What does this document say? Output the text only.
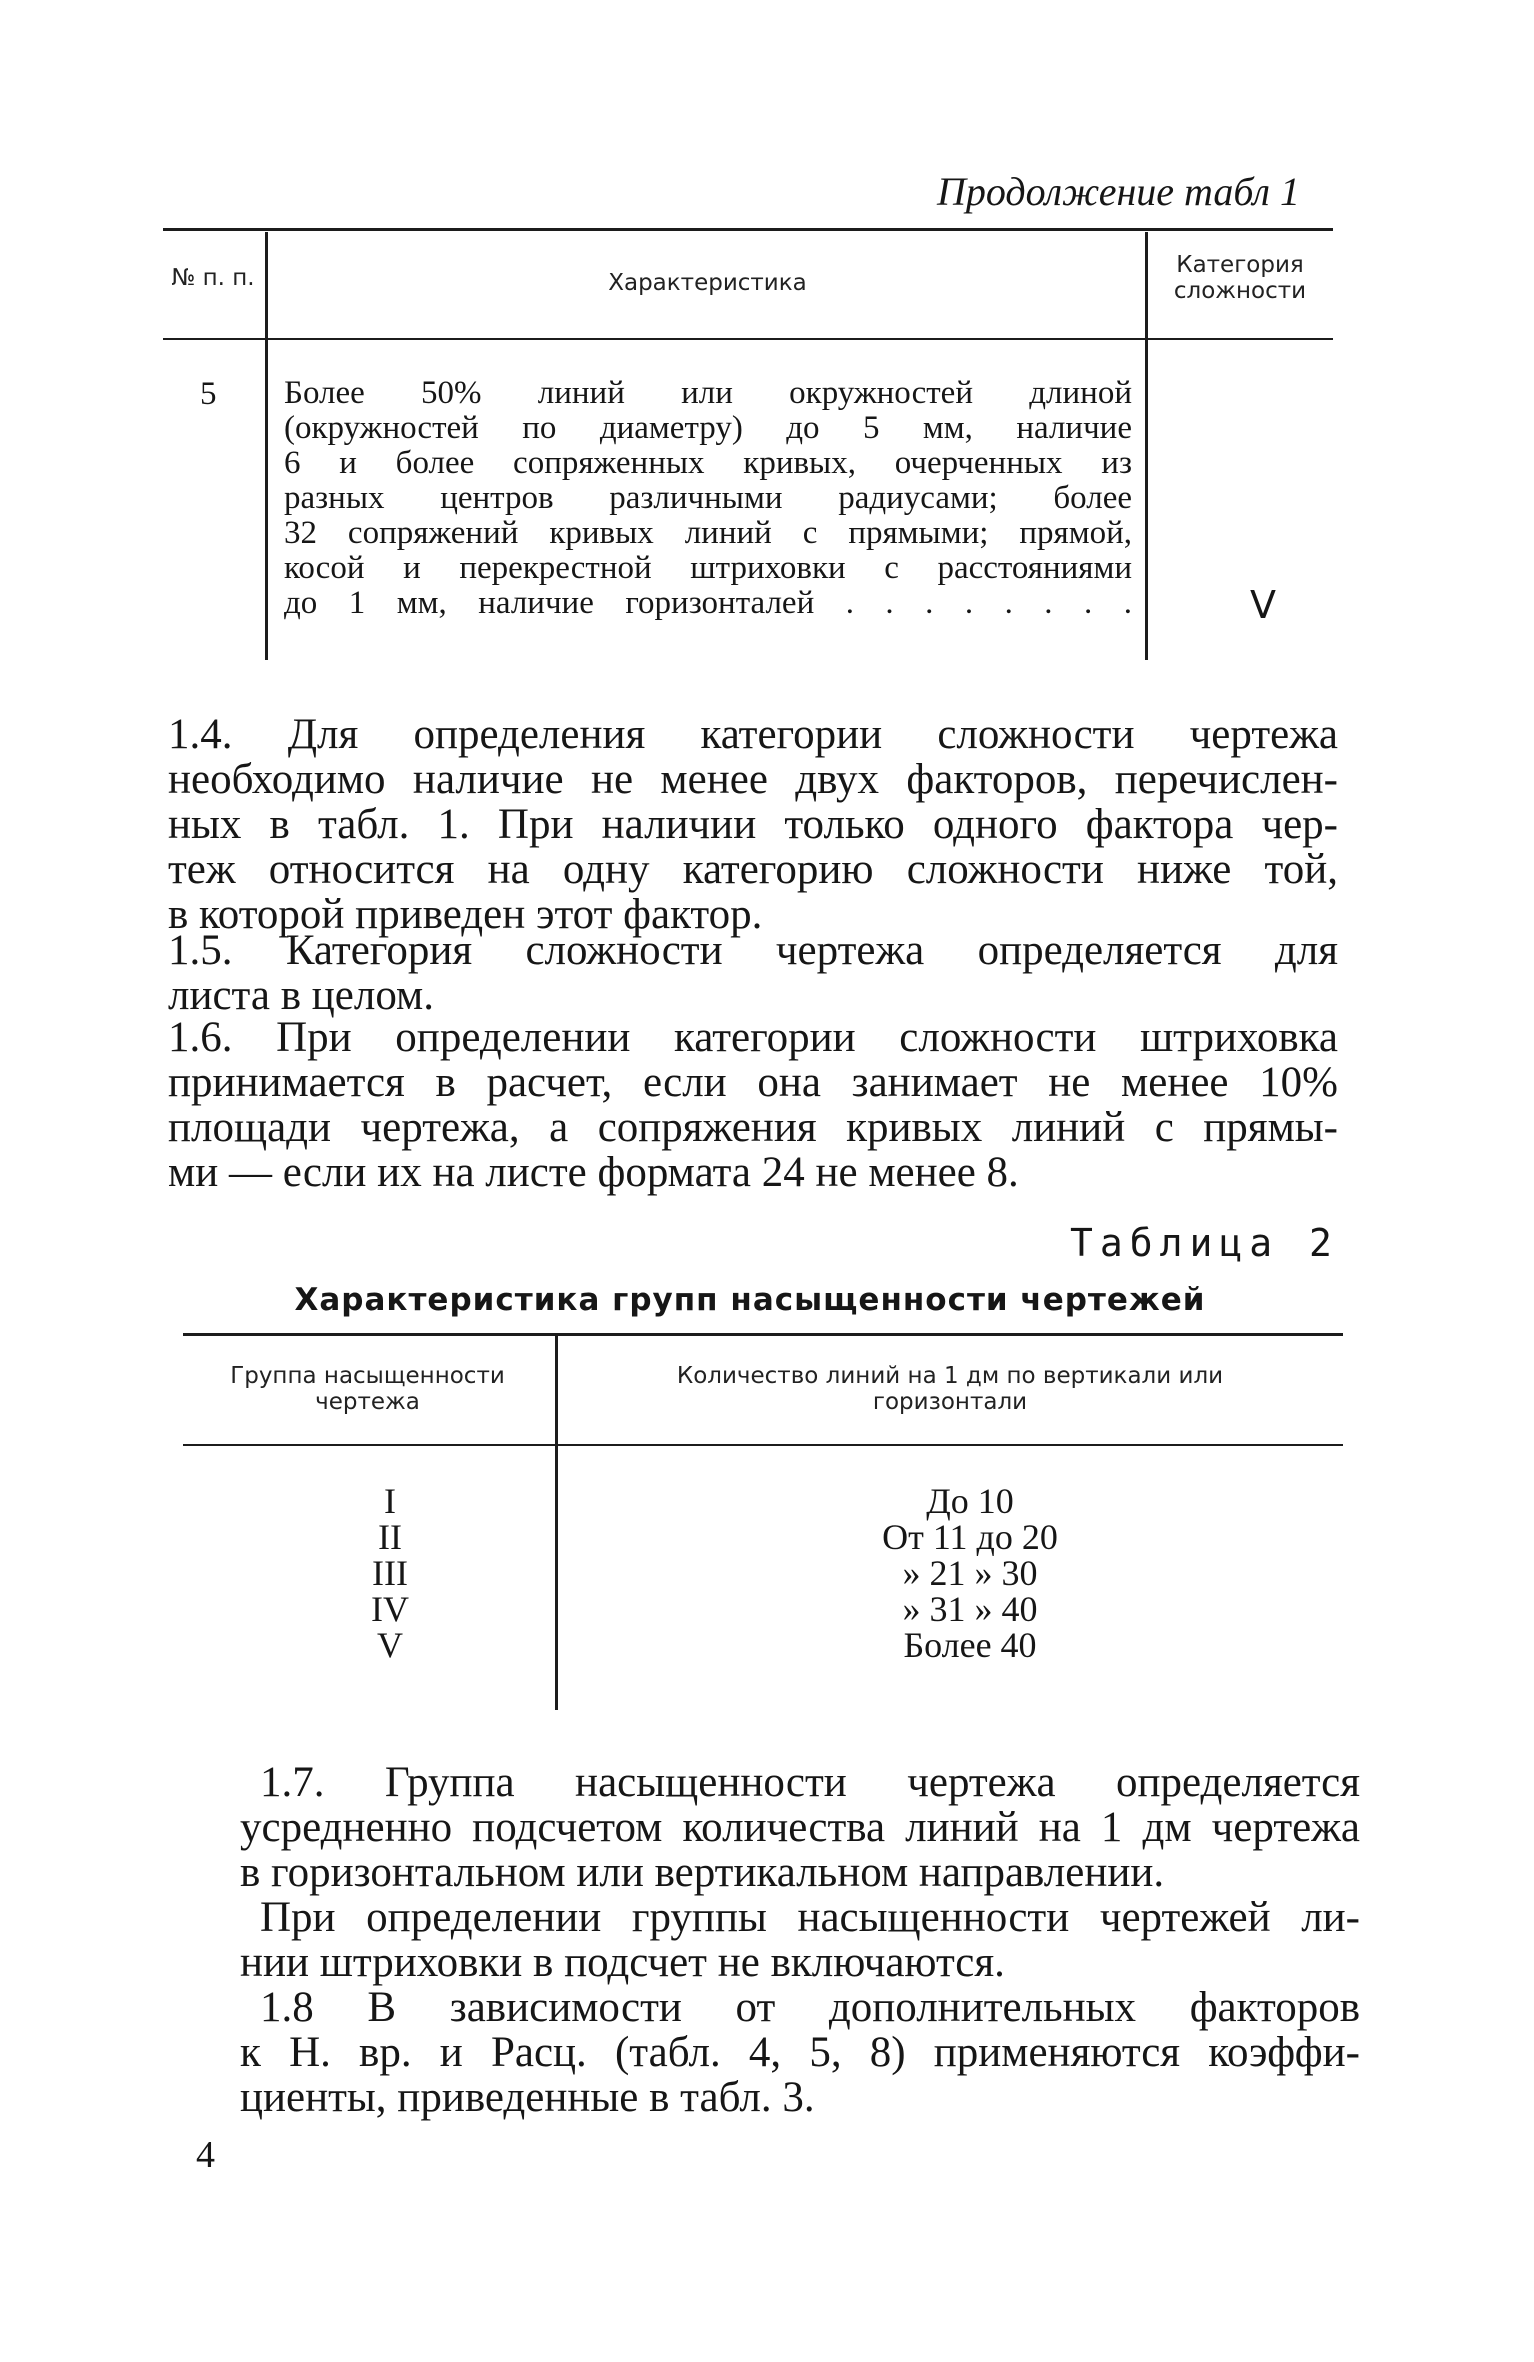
Продолжение табл 1
№ п. п.	Характеристика
Категория сложности
5 Более 50% линий или окружностей длиной
(окружностей по диаметру) до 5 мм, наличие
6 и более сопряженных кривых, очерченных из
разных центров различными радиусами; более
32 сопряжений кривых линий с прямыми; прямой,
косой и перекрестной штриховки с расстояниями
до 1 мм, наличие горизонталей . . . . . . . .	V
1.4. Для определения категории сложности чертежа
необходимо наличие не менее двух факторов, перечислен-
ных в табл. 1. При наличии только одного фактора чер-
теж относится на одну категорию сложности ниже той,
в которой приведен этот фактор.
1.5. Категория сложности чертежа определяется для
листа в целом.
1.6. При определении категории сложности штриховка
принимается в расчет, если она занимает не менее 10%
площади чертежа, а сопряжения кривых линий с прямы-
ми — если их на листе формата 24 не менее 8.
Таблица 2
Характеристика групп насыщенности чертежей
Группа насыщенности чертежа
Количество линий на 1 дм по вертикали или горизонтали
I
II
III
IV
V
До 10
От 11 до 20
» 21 » 30
» 31 » 40
Более 40
1.7. Группа насыщенности чертежа определяется
усредненно подсчетом количества линий на 1 дм чертежа
в горизонтальном или вертикальном направлении.
При определении группы насыщенности чертежей ли-
нии штриховки в подсчет не включаются.
1.8 В зависимости от дополнительных факторов
к Н. вр. и Расц. (табл. 4, 5, 8) применяются коэффи-
циенты, приведенные в табл. 3.
4
